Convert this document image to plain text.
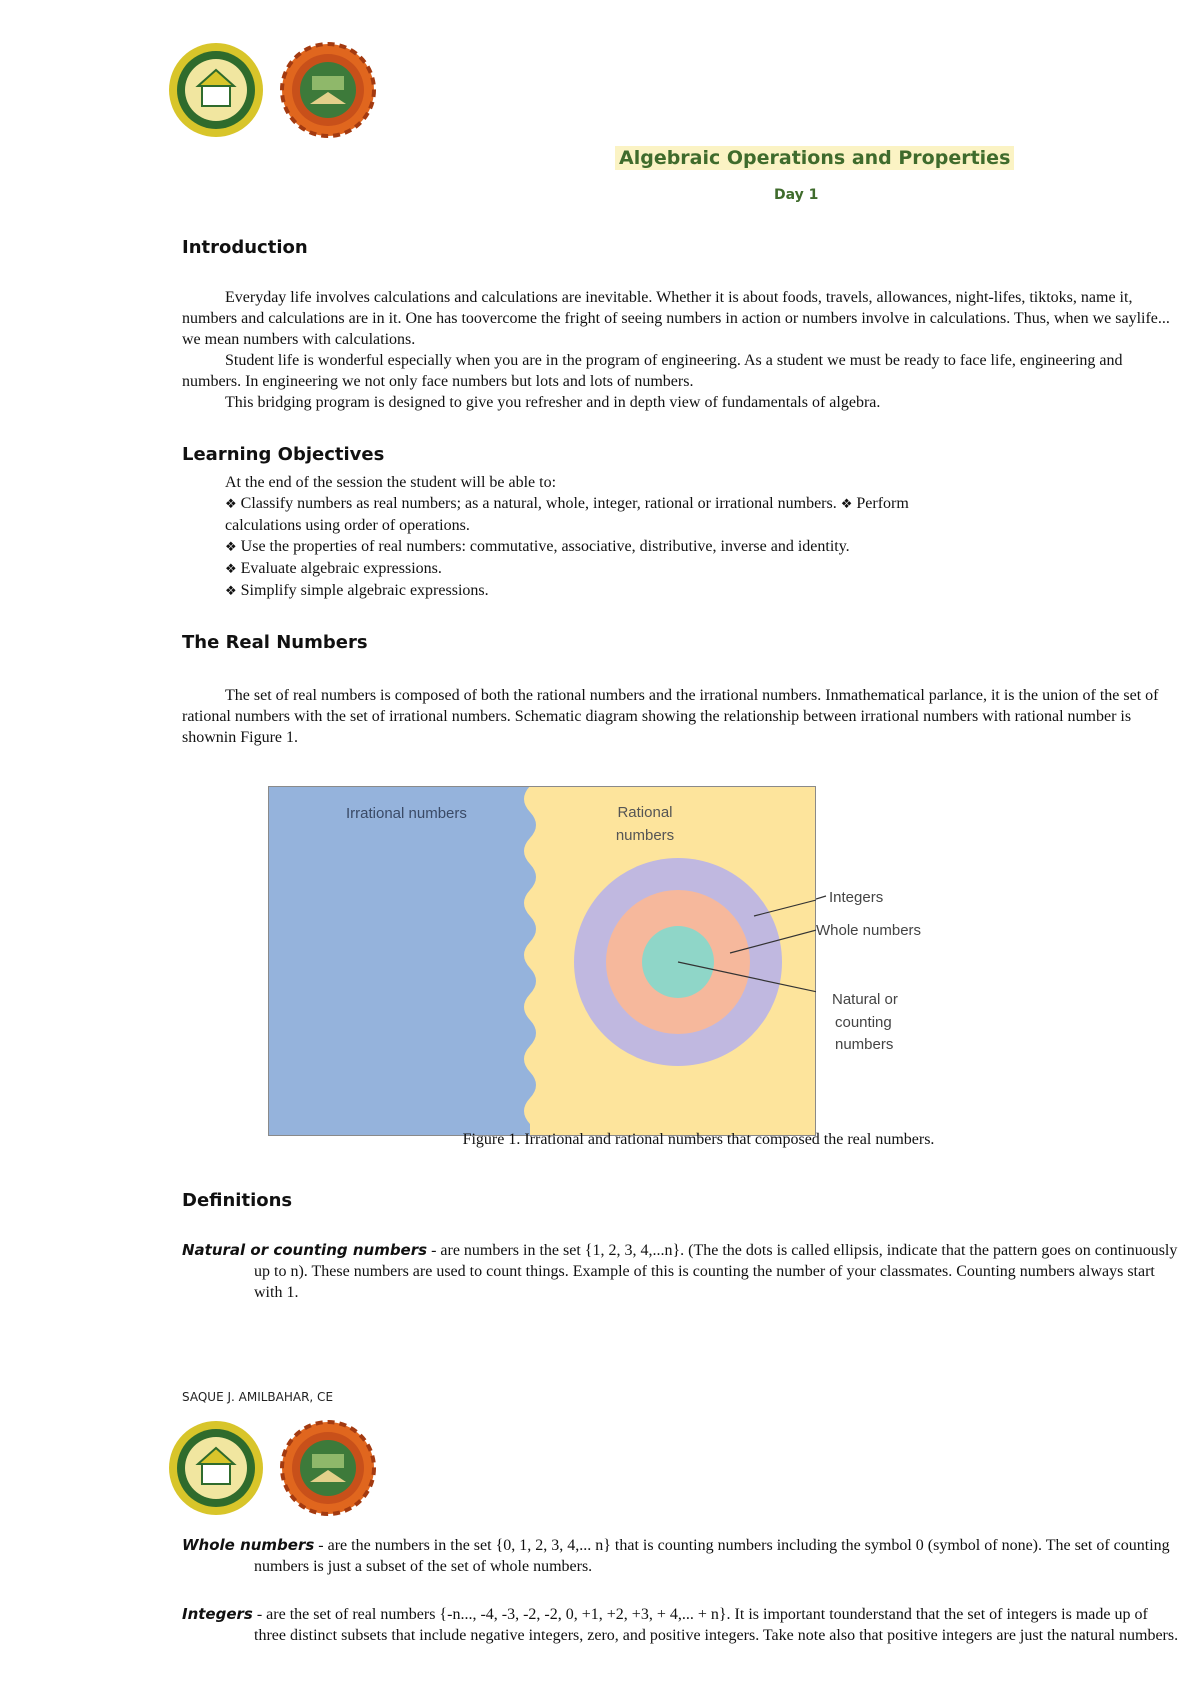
Algebraic Operations and Properties
Day 1
Introduction

Everyday life involves calculations and calculations are inevitable. Whether it is about foods, travels, allowances, night-lifes, tiktoks, name it, numbers and calculations are in it. One has toovercome the fright of seeing numbers in action or numbers involve in calculations. Thus, when we saylife... we mean numbers with calculations.

Student life is wonderful especially when you are in the program of engineering. As a student we must be ready to face life, engineering and numbers. In engineering we not only face numbers but lots and lots of numbers.

This bridging program is designed to give you refresher and in depth view of fundamentals of algebra.

Learning Objectives

At the end of the session the student will be able to:

❖ Classify numbers as real numbers; as a natural, whole, integer, rational or irrational numbers. ❖ Perform

calculations using order of operations.

❖ Use the properties of real numbers: commutative, associative, distributive, inverse and identity.

❖ Evaluate algebraic expressions.

❖ Simplify simple algebraic expressions.

The Real Numbers

The set of real numbers is composed of both the rational numbers and the irrational numbers. Inmathematical parlance, it is the union of the set of rational numbers with the set of irrational numbers. Schematic diagram showing the relationship between irrational numbers with rational number is shownin Figure 1.

Irrational numbers	Rational
numbers
Integers
Whole numbers
Natural or
counting
numbers
Figure 1. Irrational and rational numbers that composed the real numbers.
Definitions

Natural or counting numbers - are numbers in the set {1, 2, 3, 4,...n}. (The the dots is called ellipsis, indicate that the pattern goes on continuously up to n). These numbers are used to count things. Example of this is counting the number of your classmates. Counting numbers always start with 1.

SAQUE J. AMILBAHAR, CE

Whole numbers - are the numbers in the set {0, 1, 2, 3, 4,... n} that is counting numbers including the symbol 0 (symbol of none). The set of counting numbers is just a subset of the set of whole numbers.

Integers - are the set of real numbers {-n..., -4, -3, -2, -2, 0, +1, +2, +3, + 4,... + n}. It is important tounderstand that the set of integers is made up of three distinct subsets that include negative integers, zero, and positive integers. Take note also that positive integers are just the natural numbers.
